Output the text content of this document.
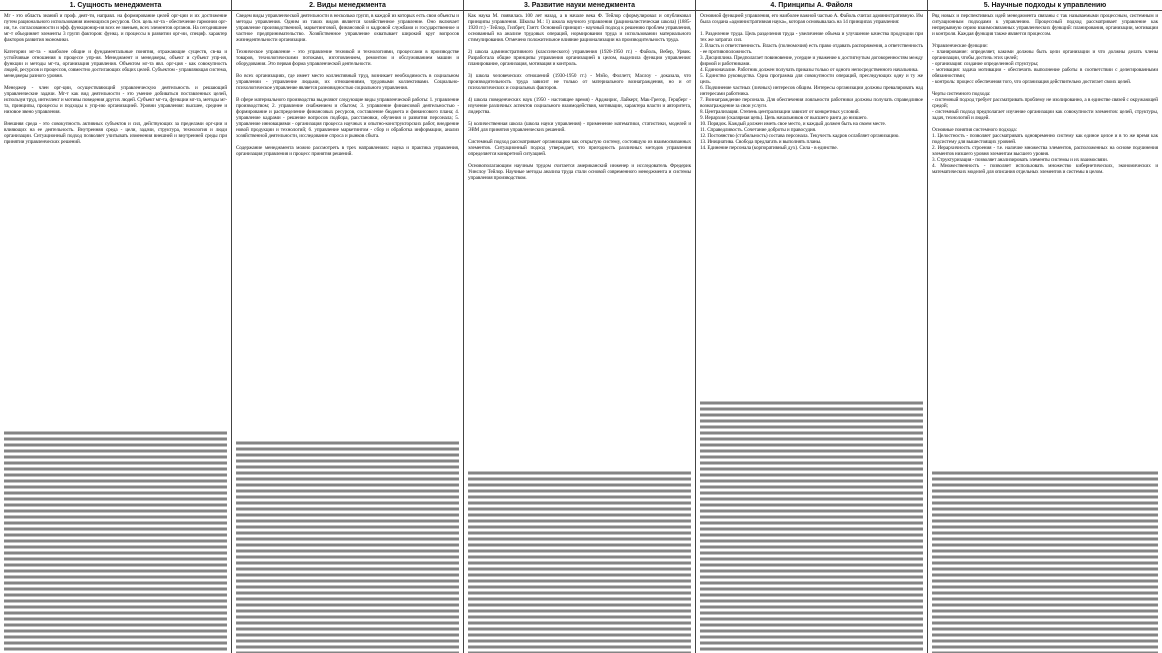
1. Сущность менеджмента
Мг - это область знаний и проф. деят-ти, направл. на формирование целей орг-ции и их достижение путем рационального использования имеющихся ресурсов. Осн. цель мг-та - обеспечение гармонии орг-ии, т.е. согласованности и эфф. функционир-ия всех ее звеньев, всех элементов органов. На сегодняшнее мг-т объединяет элементы 3 групп факторов: функц. и процессы в развитии орг-ии, специф. характер факторов развития экономики.

Категории мг-та - наиболее общие и фундаментальные понятия, отражающие существ, св-ва и устойчивые отношения в процессе упр-ия. Менеджмент и менеджеры, объект и субъект упр-ия, функции и методы мг-та, организация управления. Объектом мг-та явл. орг-ция - как совокупность людей, ресурсов и процессов, совместно достигающих общих целей. Субъектом - управляющая система, менеджеры разного уровня.

Менеджер - член орг-ции, осуществляющий управленческую деятельность и решающий управленческие задачи. Мг-т как вид деятельности - это умение добиваться поставленных целей, используя труд, интеллект и мотивы поведения других людей. Субъект мг-та, функции мг-та, методы мг-та, принципы, процессы и подходы к упр-ию организацией. Уровни управления: высшее, среднее и низовое звено управления.

Внешняя среда - это совокупность активных субъектов и сил, действующих за пределами орг-ции и влияющих на ее деятельность. Внутренняя среда - цели, задачи, структура, технология и люди организации. Ситуационный подход позволяет учитывать изменения внешней и внутренней среды при принятии управленческих решений.
2. Виды менеджмента
Сведем виды управленческой деятельности в несколько групп, в каждой из которых есть свои объекты и методы управления. Одним из таких видов является хозяйственное управление. Оно включает управление производственной, маркетинговой, финансовой и кадровой службами и государственное и частное предпринимательство. Хозяйственное управление охватывает широкий круг вопросов жизнедеятельности организации.

Техническое управление - это управление техникой и технологиями, процессами в производстве товаров, технологическими потоками, изготовлением, ремонтом и обслуживанием машин и оборудования. Это первая форма управленческой деятельности.

Во всех организациях, где имеет место коллективный труд, возникает необходимость в социальном управлении - управление людьми, их отношениями, трудовыми коллективами. Социально-психологическое управление является разновидностью социального управления.

В сфере материального производства выделяют следующие виды управленческой работы: 1. управление производством; 2. управление снабжением и сбытом; 3. управление финансовой деятельностью - формирование и распределение финансовых ресурсов, составление бюджета и финансового плана; 4. управление кадрами - решение вопросов подбора, расстановки, обучения и развития персонала; 5. управление инновациями - организация процесса научных и опытно-конструкторских работ, внедрение новой продукции и технологий; 6. управление маркетингом - сбор и обработка информации, анализ хозяйственной деятельности, исследование спроса и рынков сбыта.

Содержание менеджмента можно рассмотреть в трех направлениях: наука и практика управления, организация управления и процесс принятия решений.
3. Развитие науки менеджмента
Как наука М. появилась 100 лет назад, а в начале века Ф. Тейлор сформулировал и опубликовал принципы управления. Школы М.: 1) школа научного управления (рационалистическая школа) (1885-1920 гг.) - Тейлор, Гилбрет, Гантт. Основной принцип - научный подход к решению проблем управления, основанный на анализе трудовых операций, нормировании труда и использовании материального стимулирования. Отмечено положительное влияние рационализации на производительность труда.

2) школа административного (классического) управления (1920-1950 гг.) - Файоль, Вебер, Урвик. Разработала общие принципы управления организацией в целом, выделила функции управления: планирование, организация, мотивация и контроль.

3) школа человеческих отношений (1930-1950 гг.) - Мэйо, Фоллетт, Маслоу - доказала, что производительность труда зависит не только от материального вознаграждения, но и от психологических и социальных факторов.

4) школа поведенческих наук (1950 - настоящее время) - Арджирис, Лайкерт, Мак-Грегор, Герцберг - изучение различных аспектов социального взаимодействия, мотивации, характера власти и авторитета, лидерства.

5) количественная школа (школа науки управления) - применение математики, статистики, моделей и ЭВМ для принятия управленческих решений.

Системный подход рассматривает организацию как открытую систему, состоящую из взаимосвязанных элементов. Ситуационный подход утверждает, что пригодность различных методов управления определяется конкретной ситуацией.

Основополагающим научным трудом считается американский инженер и исследователь Фредерик Уинслоу Тейлор. Научные методы анализа труда стали основой современного менеджмента и системы управления производством.
4. Принципы А. Файоля
Основной функцией управления, его наиболее важной частью А. Файоль считал административную. Им была создана «административная наука», которая основывалась на 14 принципах управления:

1. Разделение труда. Цель разделения труда - увеличение объема и улучшение качества продукции при тех же затратах сил.
2. Власть и ответственность. Власть (полномочия) есть право отдавать распоряжения, а ответственность - ее противоположность.
3. Дисциплина. Предполагает повиновение, усердие и уважение к достигнутым договоренностям между фирмой и работниками.
4. Единоначалие. Работник должен получать приказы только от одного непосредственного начальника.
5. Единство руководства. Одна программа для совокупности операций, преследующих одну и ту же цель.
6. Подчинение частных (личных) интересов общим. Интересы организации должны превалировать над интересами работника.
7. Вознаграждение персонала. Для обеспечения лояльности работники должны получать справедливое вознаграждение за свои услуги.
8. Централизация. Степень централизации зависит от конкретных условий.
9. Иерархия (скалярная цепь). Цепь начальников от высшего ранга до низшего.
10. Порядок. Каждый должен иметь свое место, и каждый должен быть на своем месте.
11. Справедливость. Сочетание доброты и правосудия.
12. Постоянство (стабильность) состава персонала. Текучесть кадров ослабляет организацию.
13. Инициатива. Свобода предлагать и выполнять планы.
14. Единение персонала (корпоративный дух). Сила - в единстве.
5. Научные подходы к управлению
Ряд новых и перспективных идей менеджмента связаны с так называемыми процессным, системным и ситуационным подходами к управлению. Процессный подход рассматривает управление как непрерывную серию взаимосвязанных управленческих функций: планирования, организации, мотивации и контроля. Каждая функция также является процессом.

Управленческие функции:
- планирование: определяет, какими должны быть цели организации и что должны делать члены организации, чтобы достичь этих целей;
- организация: создание определенной структуры;
- мотивация: задача мотивации - обеспечить выполнение работы в соответствии с делегированными обязанностями;
- контроль: процесс обеспечения того, что организация действительно достигает своих целей.

Черты системного подхода:
- системный подход требует рассматривать проблему не изолированно, а в единстве связей с окружающей средой;
- системный подход предполагает изучение организации как совокупности элементов: целей, структуры, задач, технологий и людей.

Основные понятия системного подхода:
1. Целостность - позволяет рассматривать одновременно систему как единое целое и в то же время как подсистему для вышестоящих уровней.
2. Иерархичность строения - т.е. наличие множества элементов, расположенных на основе подчинения элементов низшего уровня элементам высшего уровня.
3. Структуризация - позволяет анализировать элементы системы и их взаимосвязи.
4. Множественность - позволяет использовать множество кибернетических, экономических и математических моделей для описания отдельных элементов и системы в целом.
